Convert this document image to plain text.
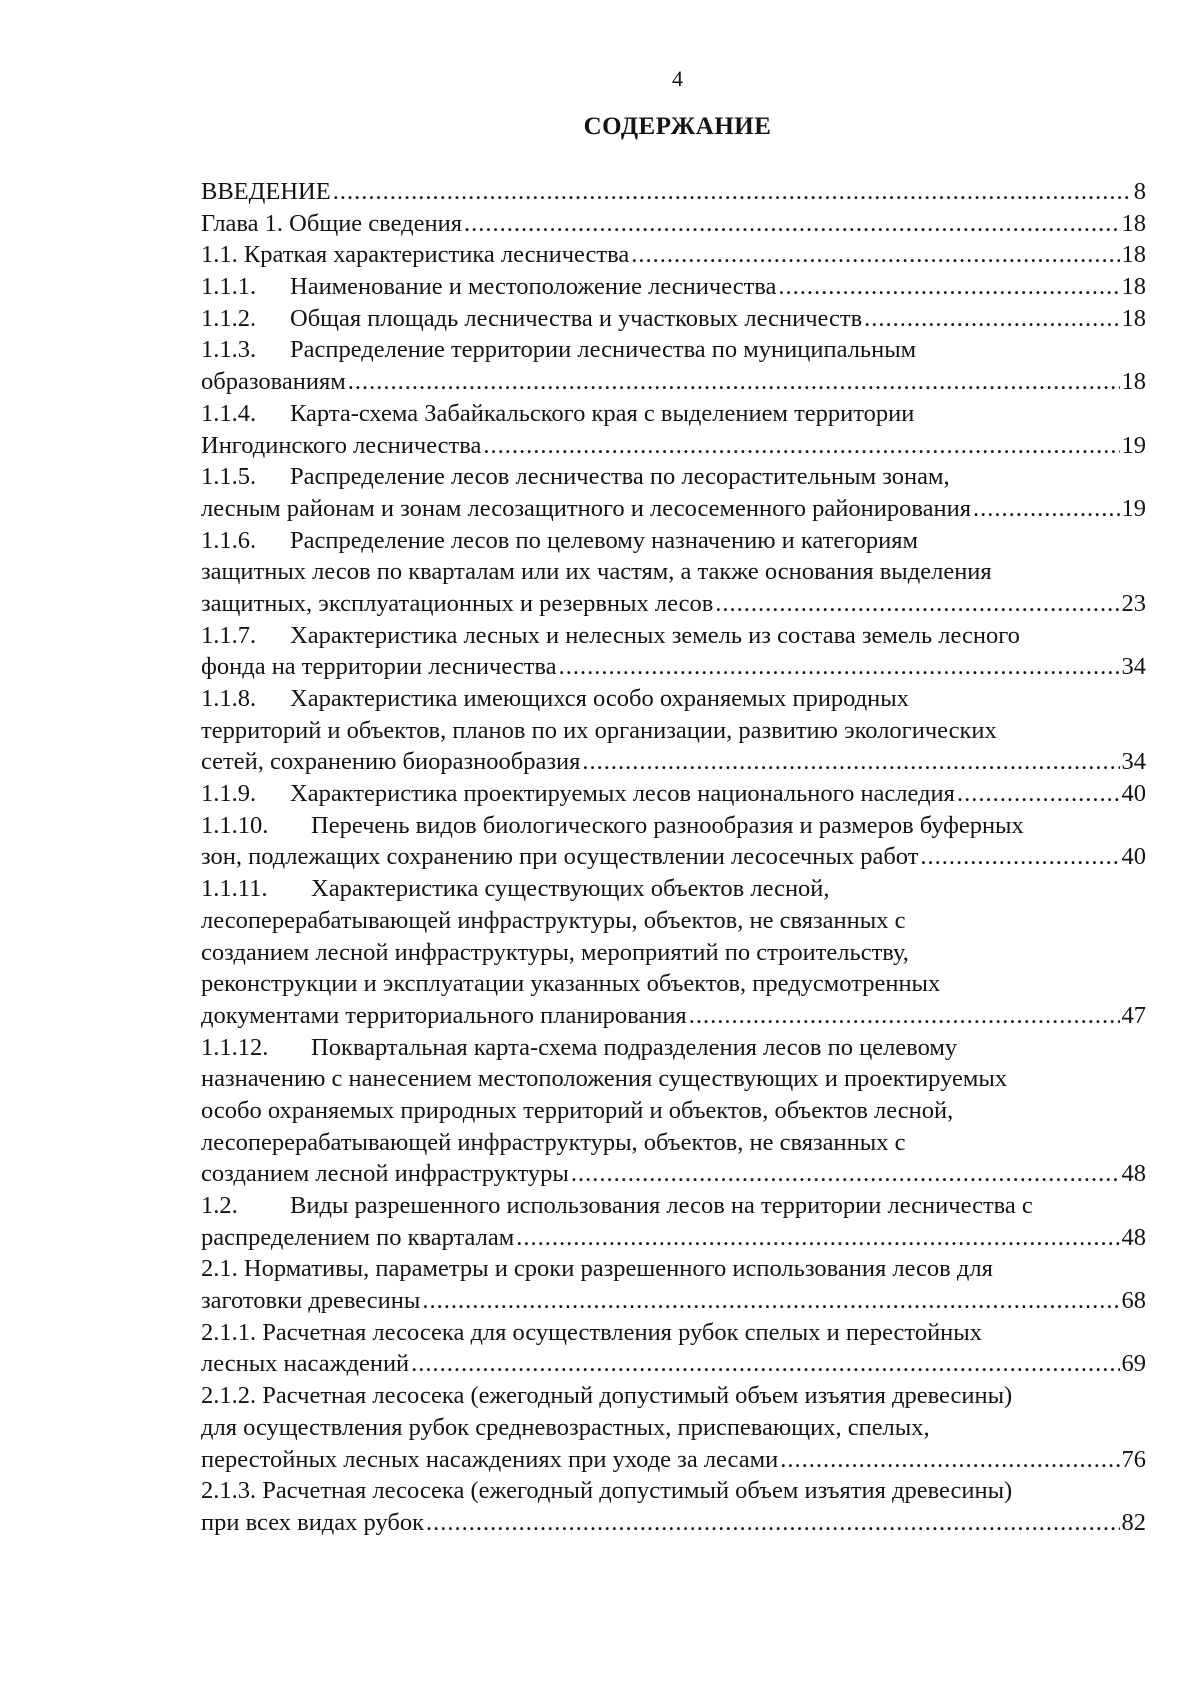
4
СОДЕРЖАНИЕ
ВВЕДЕНИЕ .....	8
Глава 1. Общие сведения .....	18
1.1. Краткая характеристика лесничества .....	18
1.1.1.	Наименование и местоположение лесничества .....	18
1.1.2.	Общая площадь лесничества и участковых лесничеств .....	18
1.1.3.	Распределение территории лесничества по муниципальным
образованиям .....	18
1.1.4.	Карта-схема Забайкальского края с выделением территории
Ингодинского лесничества .....	19
1.1.5.	Распределение лесов лесничества по лесорастительным зонам,
лесным районам и зонам лесозащитного и лесосеменного районирования .....	19
1.1.6.	Распределение лесов по целевому назначению и категориям
защитных лесов по кварталам или их частям, а также основания выделения
защитных, эксплуатационных и резервных лесов .....	23
1.1.7.	Характеристика лесных и нелесных земель из состава земель лесного
фонда на территории лесничества .....	34
1.1.8.	Характеристика имеющихся особо охраняемых природных
территорий и объектов, планов по их организации, развитию экологических
сетей, сохранению биоразнообразия .....	34
1.1.9.	Характеристика проектируемых лесов национального наследия .....	40
1.1.10.	Перечень видов биологического разнообразия и размеров буферных
зон, подлежащих сохранению при осуществлении лесосечных работ .....	40
1.1.11.	Характеристика существующих объектов лесной,
лесоперерабатывающей инфраструктуры, объектов, не связанных с
созданием лесной инфраструктуры, мероприятий по строительству,
реконструкции и эксплуатации указанных объектов, предусмотренных
документами территориального планирования .....	47
1.1.12.	Поквартальная карта-схема подразделения лесов по целевому
назначению с нанесением местоположения существующих и проектируемых
особо охраняемых природных территорий и объектов, объектов лесной,
лесоперерабатывающей инфраструктуры, объектов, не связанных с
созданием лесной инфраструктуры .....	48
1.2.	Виды разрешенного использования лесов на территории лесничества с
распределением по кварталам .....	48
2.1. Нормативы, параметры и сроки разрешенного использования лесов для
заготовки древесины .....	68
2.1.1. Расчетная лесосека для осуществления рубок спелых и перестойных
лесных насаждений .....	69
2.1.2. Расчетная лесосека (ежегодный допустимый объем изъятия древесины)
для осуществления рубок средневозрастных, приспевающих, спелых,
перестойных лесных насаждениях при уходе за лесами .....	76
2.1.3. Расчетная лесосека (ежегодный допустимый объем изъятия древесины)
при всех видах рубок .....	82
